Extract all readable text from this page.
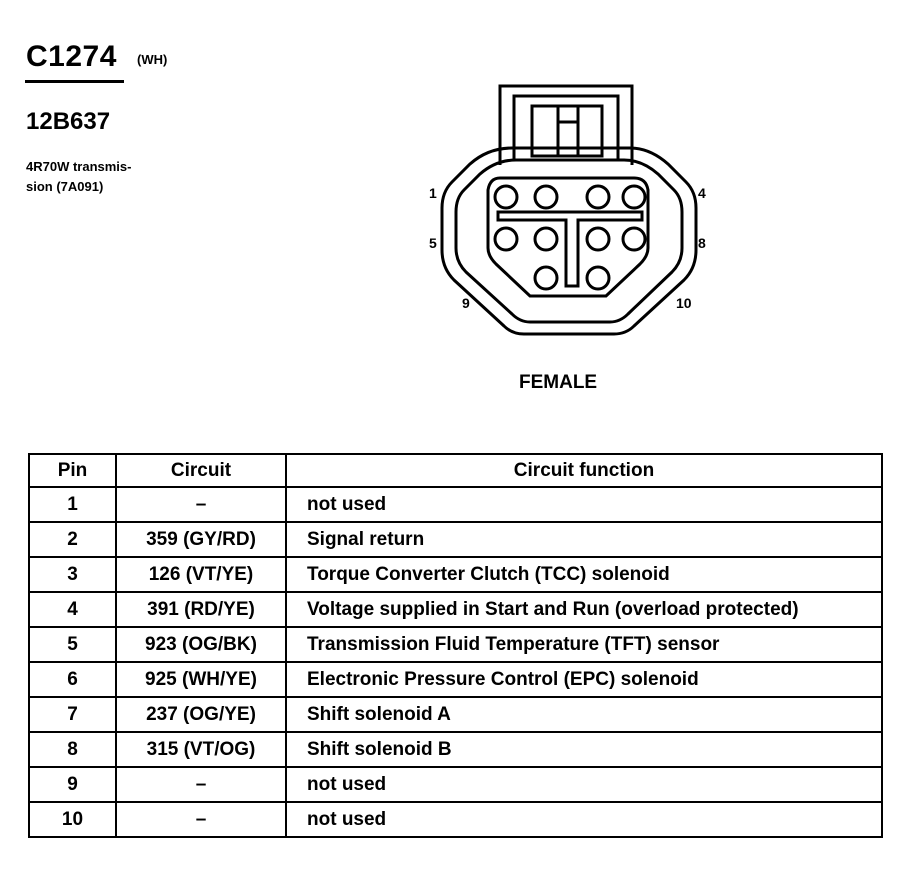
C1274 (WH)
12B637
4R70W transmis-
sion (7A091)	1	4
5	8
9	10
FEMALE
Pin	Circuit	Circuit function
1	–	not used
2	359 (GY/RD)	Signal return
3	126 (VT/YE)	Torque Converter Clutch (TCC) solenoid
4	391 (RD/YE)	Voltage supplied in Start and Run (overload protected)
5	923 (OG/BK)	Transmission Fluid Temperature (TFT) sensor
6	925 (WH/YE)	Electronic Pressure Control (EPC) solenoid
7	237 (OG/YE)	Shift solenoid A
8	315 (VT/OG)	Shift solenoid B
9	–	not used
10	–	not used
